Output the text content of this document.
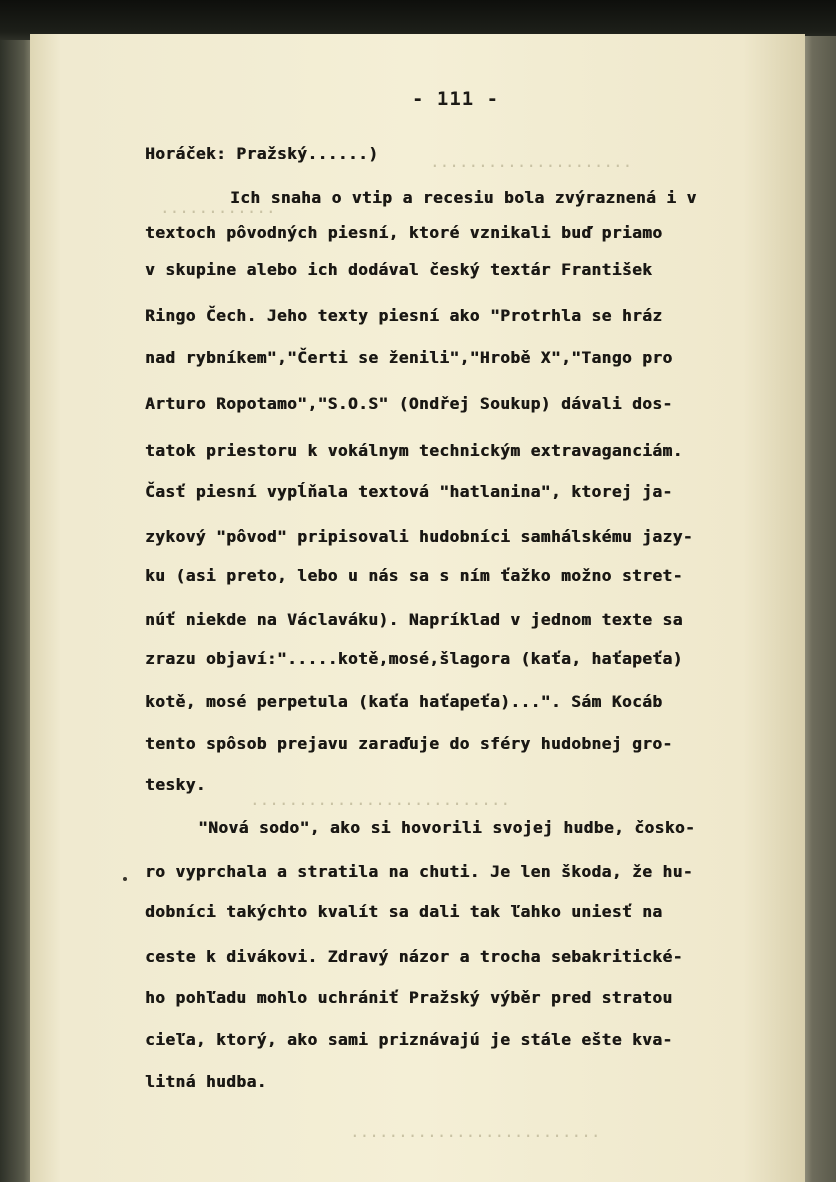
.....................
............
...........................
..........................
- 111 -
Horáček: Pražský......)
Ich snaha o vtip a recesiu bola zvýraznená i v
textoch pôvodných piesní, ktoré vznikali buď priamo
v skupine alebo ich dodával český textár František
Ringo Čech. Jeho texty piesní ako "Protrhla se hráz
nad rybníkem","Čerti se ženili","Hrobě X","Tango pro
Arturo Ropotamo","S.O.S" (Ondřej Soukup) dávali dos-
tatok priestoru k vokálnym technickým extravaganciám.
Časť piesní vypĺňala textová "hatlanina", ktorej ja-
zykový "pôvod" pripisovali hudobníci samhálskému jazy-
ku (asi preto, lebo u nás sa s ním ťažko možno stret-
núť niekde na Václaváku). Napríklad v jednom texte sa
zrazu objaví:".....kotě,mosé,šlagora (kaťa, haťapeťa)
kotě, mosé perpetula (kaťa haťapeťa)...". Sám Kocáb
tento spôsob prejavu zaraďuje do sféry hudobnej gro-
tesky.
"Nová sodo", ako si hovorili svojej hudbe, čosko-
ro vyprchala a stratila na chuti. Je len škoda, že hu-
dobníci takýchto kvalít sa dali tak ľahko uniesť na
ceste k divákovi. Zdravý názor a trocha sebakritické-
ho pohľadu mohlo uchrániť Pražský výběr pred stratou
cieľa, ktorý, ako sami priznávajú je stále ešte kva-
litná hudba.
